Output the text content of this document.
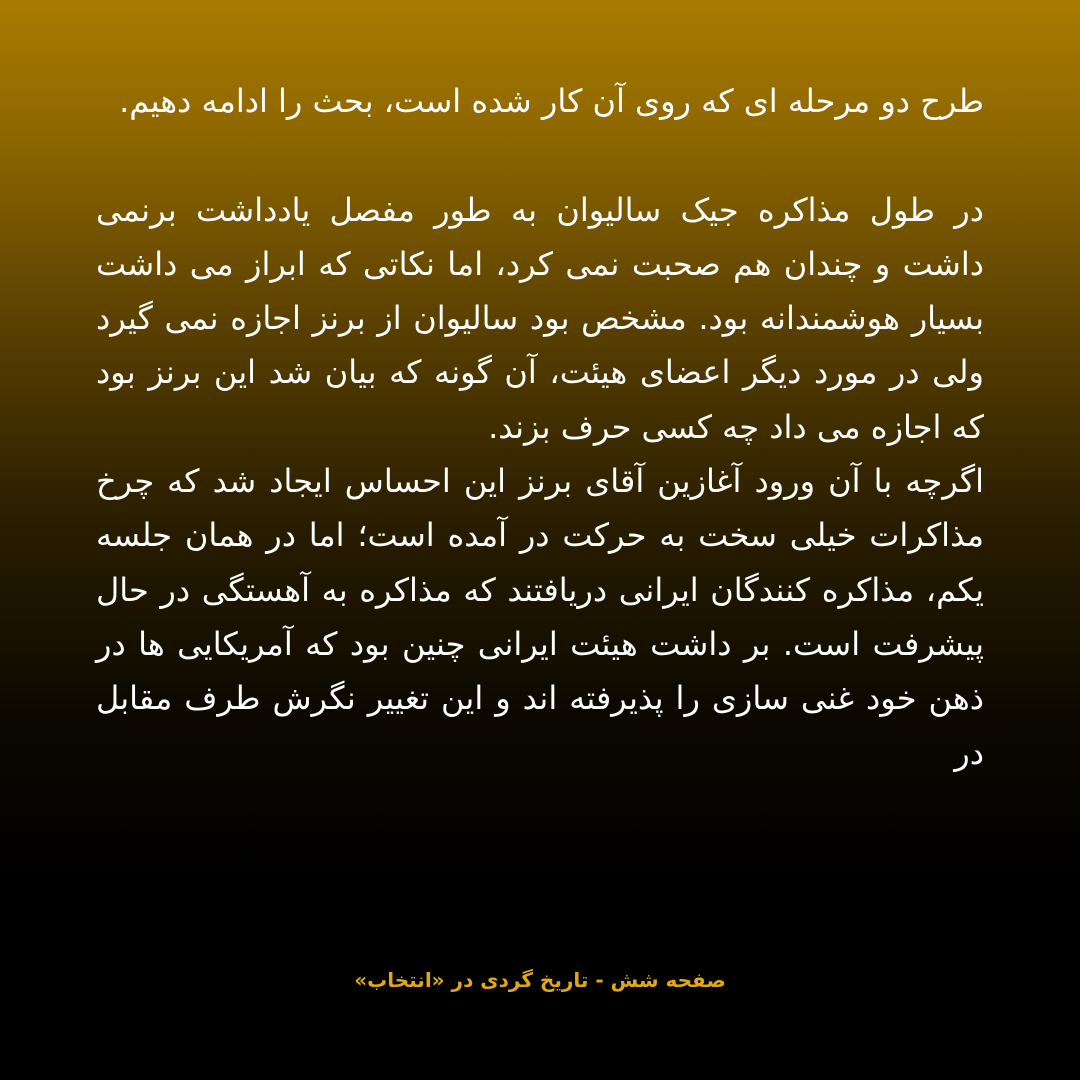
طرح دو مرحله ای که روی آن کار شده است، بحث را ادامه دهیم.

در طول مذاکره جیک سالیوان به طور مفصل یادداشت برنمی داشت و چندان هم صحبت نمی کرد، اما نکاتی که ابراز می داشت بسیار هوشمندانه بود. مشخص بود سالیوان از برنز اجازه نمی گیرد ولی در مورد دیگر اعضای هیئت، آن گونه که بیان شد این برنز بود که اجازه می داد چه کسی حرف بزند.

اگرچه با آن ورود آغازین آقای برنز این احساس ایجاد شد که چرخ مذاکرات خیلی سخت به حرکت در آمده است؛ اما در همان جلسه یکم، مذاکره کنندگان ایرانی دریافتند که مذاکره به آهستگی در حال پیشرفت است. بر داشت هیئت ایرانی چنین بود که آمریکایی ها در ذهن خود غنی سازی را پذیرفته اند و این تغییر نگرش طرف مقابل در

صفحه شش - تاریخ گردی در «انتخاب»
